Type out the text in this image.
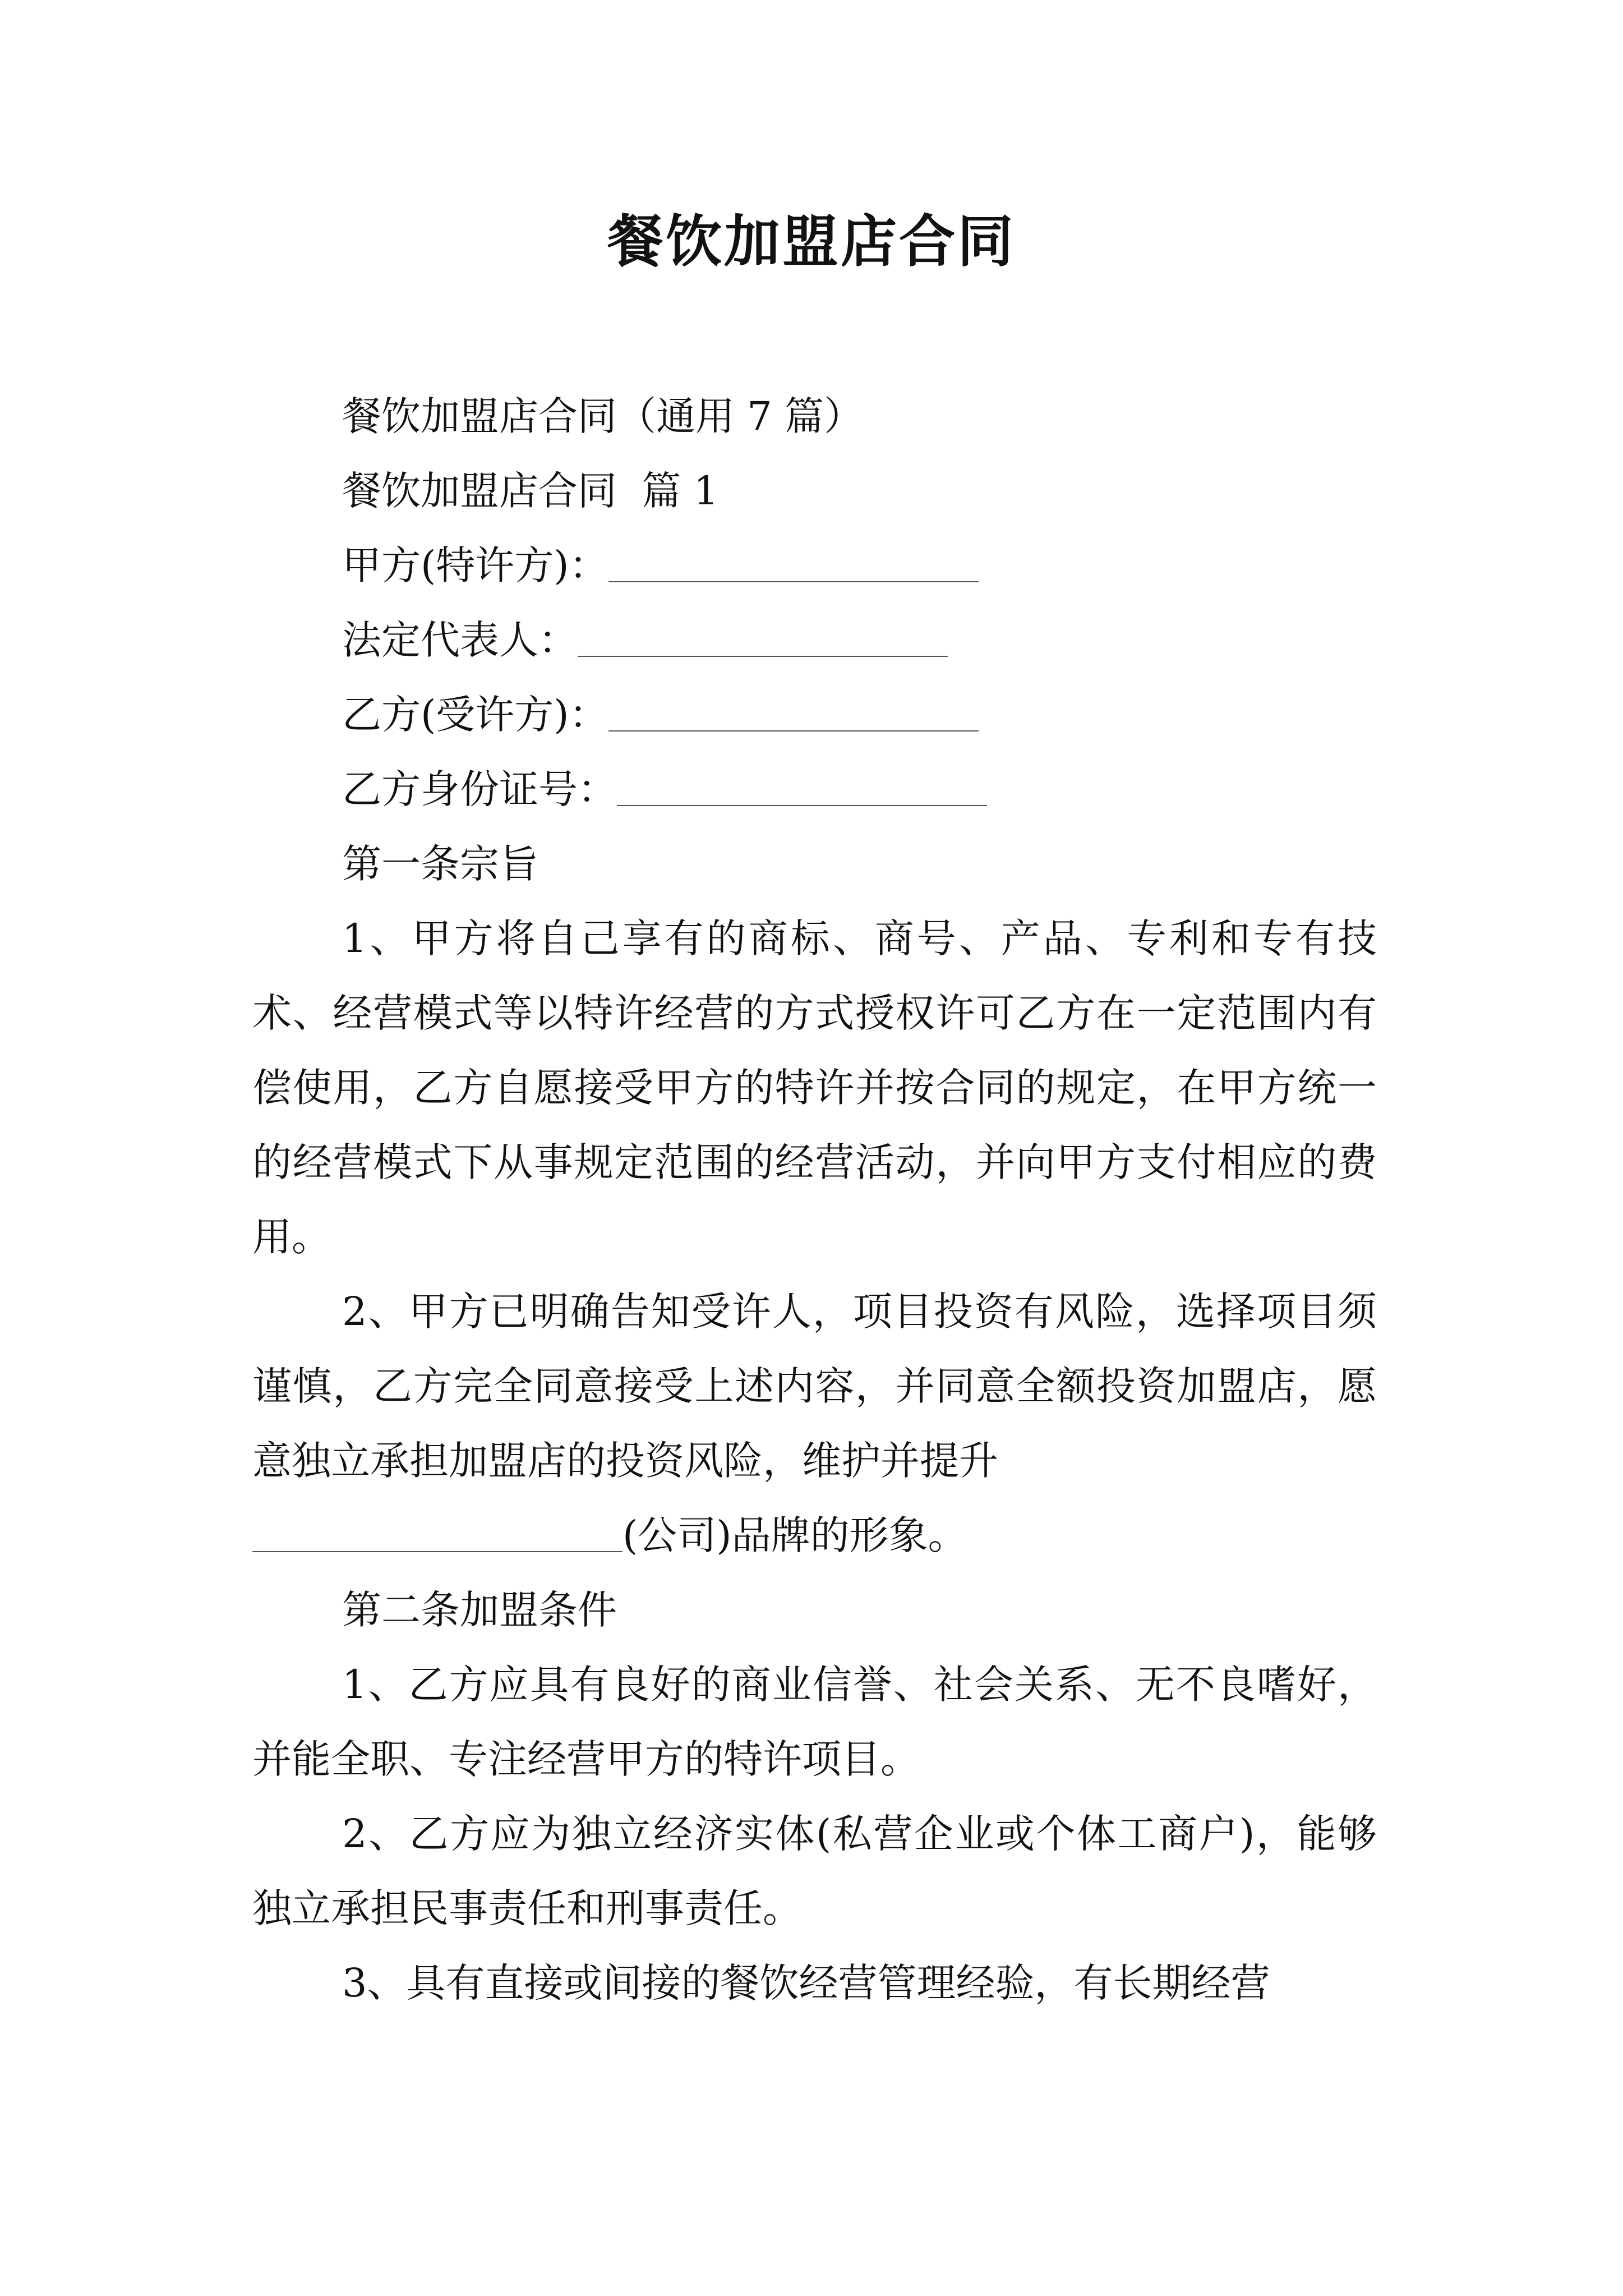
餐饮加盟店合同

餐饮加盟店合同（通用 7 篇）

餐饮加盟店合同  篇 1

甲方(特许方)：

法定代表人：

乙方(受许方)：

乙方身份证号：

第一条宗旨

1、甲方将自己享有的商标、商号、产品、专利和专有技术、经营模式等以特许经营的方式授权许可乙方在一定范围内有偿使用，乙方自愿接受甲方的特许并按合同的规定，在甲方统一的经营模式下从事规定范围的经营活动，并向甲方支付相应的费用。

2、甲方已明确告知受许人，项目投资有风险，选择项目须谨慎，乙方完全同意接受上述内容，并同意全额投资加盟店，愿意独立承担加盟店的投资风险，维护并提升
(公司)品牌的形象。

第二条加盟条件

1、乙方应具有良好的商业信誉、社会关系、无不良嗜好，并能全职、专注经营甲方的特许项目。

2、乙方应为独立经济实体(私营企业或个体工商户)，能够独立承担民事责任和刑事责任。

3、具有直接或间接的餐饮经营管理经验，有长期经营
